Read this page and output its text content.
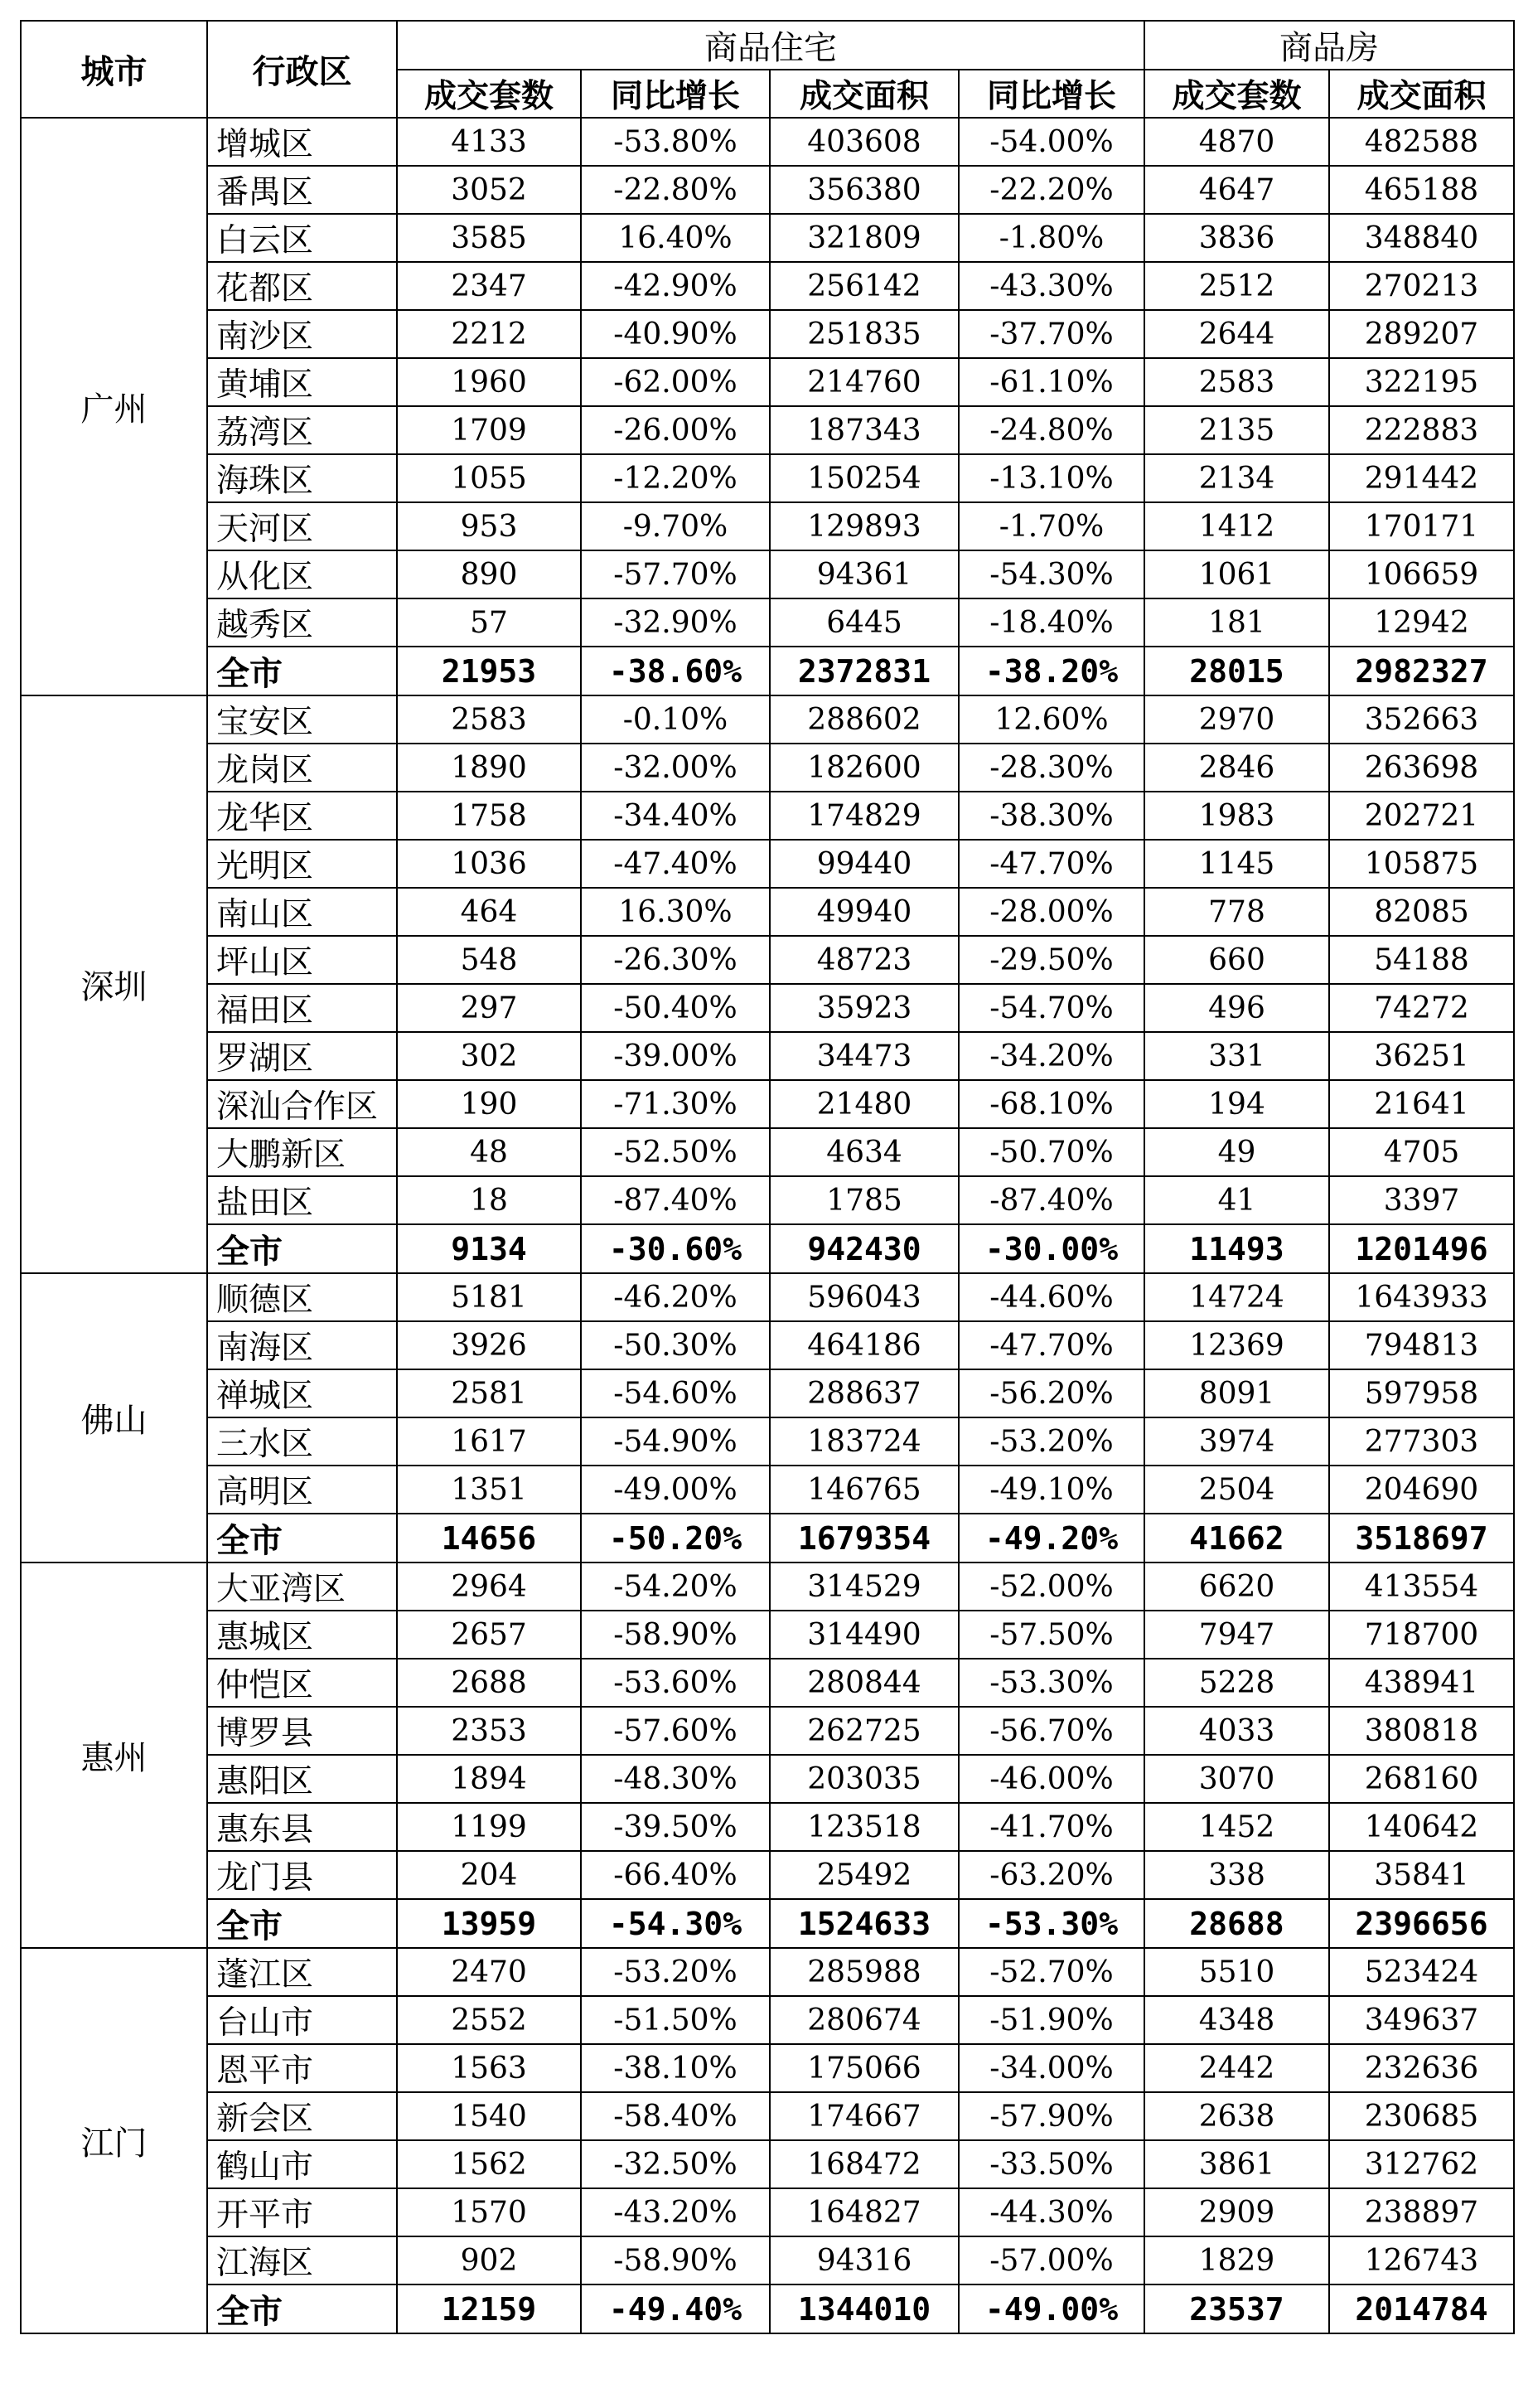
城市	行政区	商品住宅				商品房	
		成交套数	同比增长	成交面积	同比增长	成交套数	成交面积
广州	增城区	4133	-53.80%	403608	-54.00%	4870	482588
	番禺区	3052	-22.80%	356380	-22.20%	4647	465188
	白云区	3585	16.40%	321809	-1.80%	3836	348840
	花都区	2347	-42.90%	256142	-43.30%	2512	270213
	南沙区	2212	-40.90%	251835	-37.70%	2644	289207
	黄埔区	1960	-62.00%	214760	-61.10%	2583	322195
	荔湾区	1709	-26.00%	187343	-24.80%	2135	222883
	海珠区	1055	-12.20%	150254	-13.10%	2134	291442
	天河区	953	-9.70%	129893	-1.70%	1412	170171
	从化区	890	-57.70%	94361	-54.30%	1061	106659
	越秀区	57	-32.90%	6445	-18.40%	181	12942
	全市	21953	-38.60%	2372831	-38.20%	28015	2982327
深圳	宝安区	2583	-0.10%	288602	12.60%	2970	352663
	龙岗区	1890	-32.00%	182600	-28.30%	2846	263698
	龙华区	1758	-34.40%	174829	-38.30%	1983	202721
	光明区	1036	-47.40%	99440	-47.70%	1145	105875
	南山区	464	16.30%	49940	-28.00%	778	82085
	坪山区	548	-26.30%	48723	-29.50%	660	54188
	福田区	297	-50.40%	35923	-54.70%	496	74272
	罗湖区	302	-39.00%	34473	-34.20%	331	36251
	深汕合作区	190	-71.30%	21480	-68.10%	194	21641
	大鹏新区	48	-52.50%	4634	-50.70%	49	4705
	盐田区	18	-87.40%	1785	-87.40%	41	3397
	全市	9134	-30.60%	942430	-30.00%	11493	1201496
佛山	顺德区	5181	-46.20%	596043	-44.60%	14724	1643933
	南海区	3926	-50.30%	464186	-47.70%	12369	794813
	禅城区	2581	-54.60%	288637	-56.20%	8091	597958
	三水区	1617	-54.90%	183724	-53.20%	3974	277303
	高明区	1351	-49.00%	146765	-49.10%	2504	204690
	全市	14656	-50.20%	1679354	-49.20%	41662	3518697
惠州	大亚湾区	2964	-54.20%	314529	-52.00%	6620	413554
	惠城区	2657	-58.90%	314490	-57.50%	7947	718700
	仲恺区	2688	-53.60%	280844	-53.30%	5228	438941
	博罗县	2353	-57.60%	262725	-56.70%	4033	380818
	惠阳区	1894	-48.30%	203035	-46.00%	3070	268160
	惠东县	1199	-39.50%	123518	-41.70%	1452	140642
	龙门县	204	-66.40%	25492	-63.20%	338	35841
	全市	13959	-54.30%	1524633	-53.30%	28688	2396656
江门	蓬江区	2470	-53.20%	285988	-52.70%	5510	523424
	台山市	2552	-51.50%	280674	-51.90%	4348	349637
	恩平市	1563	-38.10%	175066	-34.00%	2442	232636
	新会区	1540	-58.40%	174667	-57.90%	2638	230685
	鹤山市	1562	-32.50%	168472	-33.50%	3861	312762
	开平市	1570	-43.20%	164827	-44.30%	2909	238897
	江海区	902	-58.90%	94316	-57.00%	1829	126743
	全市	12159	-49.40%	1344010	-49.00%	23537	2014784
